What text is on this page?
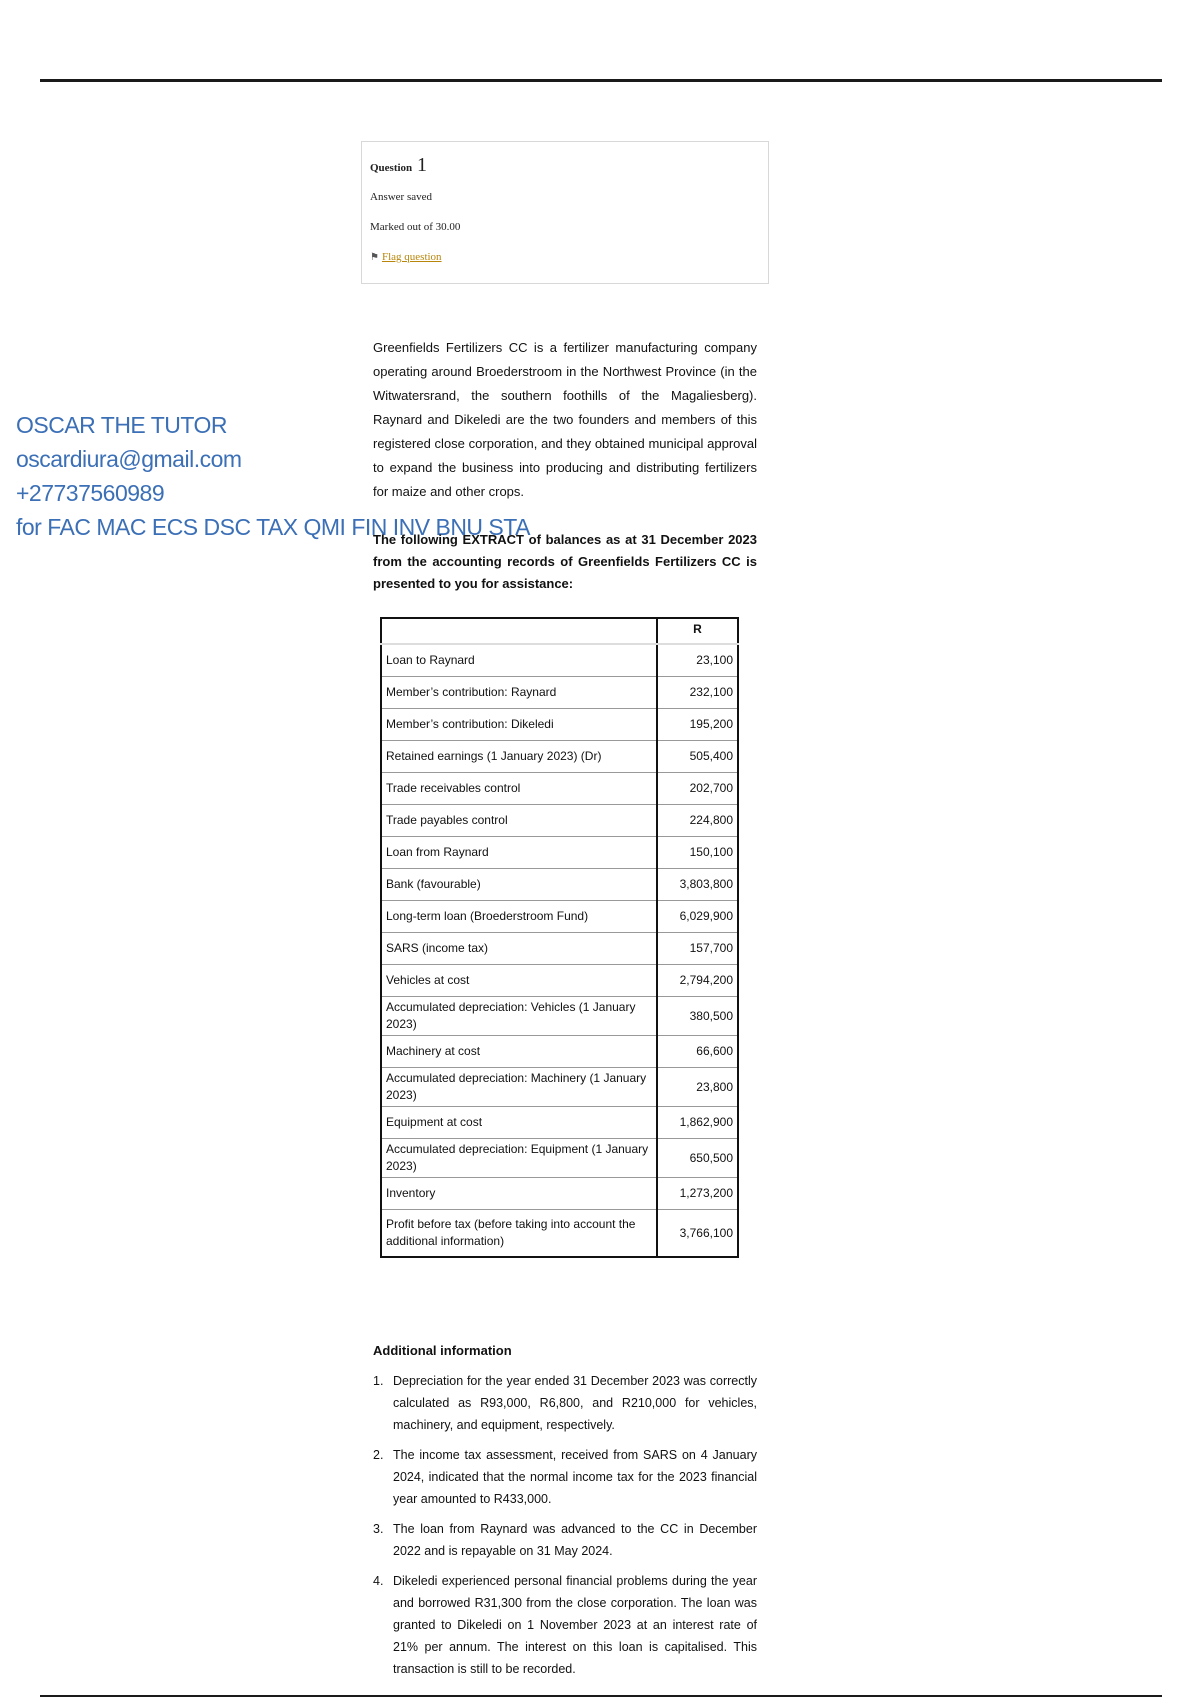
Question 1
Answer saved
Marked out of 30.00
⚑ Flag question
OSCAR THE TUTOR
oscardiura@gmail.com
+27737560989
for FAC MAC ECS DSC TAX QMI FIN INV BNU STA
Greenfields Fertilizers CC is a fertilizer manufacturing company operating around Broederstroom in the Northwest Province (in the Witwatersrand, the southern foothills of the Magaliesberg). Raynard and Dikeledi are the two founders and members of this registered close corporation, and they obtained municipal approval to expand the business into producing and distributing fertilizers for maize and other crops.
The following EXTRACT of balances as at 31 December 2023 from the accounting records of Greenfields Fertilizers CC is presented to you for assistance:
	R
Loan to Raynard	23,100
Member’s contribution: Raynard	232,100
Member’s contribution: Dikeledi	195,200
Retained earnings (1 January 2023) (Dr)	505,400
Trade receivables control	202,700
Trade payables control	224,800
Loan from Raynard	150,100
Bank (favourable)	3,803,800
Long-term loan (Broederstroom Fund)	6,029,900
SARS (income tax)	157,700
Vehicles at cost	2,794,200
Accumulated depreciation: Vehicles (1 January 2023)	380,500
Machinery at cost	66,600
Accumulated depreciation: Machinery (1 January 2023)	23,800
Equipment at cost	1,862,900
Accumulated depreciation: Equipment (1 January 2023)	650,500
Inventory	1,273,200
Profit before tax (before taking into account the additional information)	3,766,100
Additional information
1. Depreciation for the year ended 31 December 2023 was correctly calculated as R93,000, R6,800, and R210,000 for vehicles, machinery, and equipment, respectively.
2. The income tax assessment, received from SARS on 4 January 2024, indicated that the normal income tax for the 2023 financial year amounted to R433,000.
3. The loan from Raynard was advanced to the CC in December 2022 and is repayable on 31 May 2024.
4. Dikeledi experienced personal financial problems during the year and borrowed R31,300 from the close corporation. The loan was granted to Dikeledi on 1 November 2023 at an interest rate of 21% per annum. The interest on this loan is capitalised. This transaction is still to be recorded.
